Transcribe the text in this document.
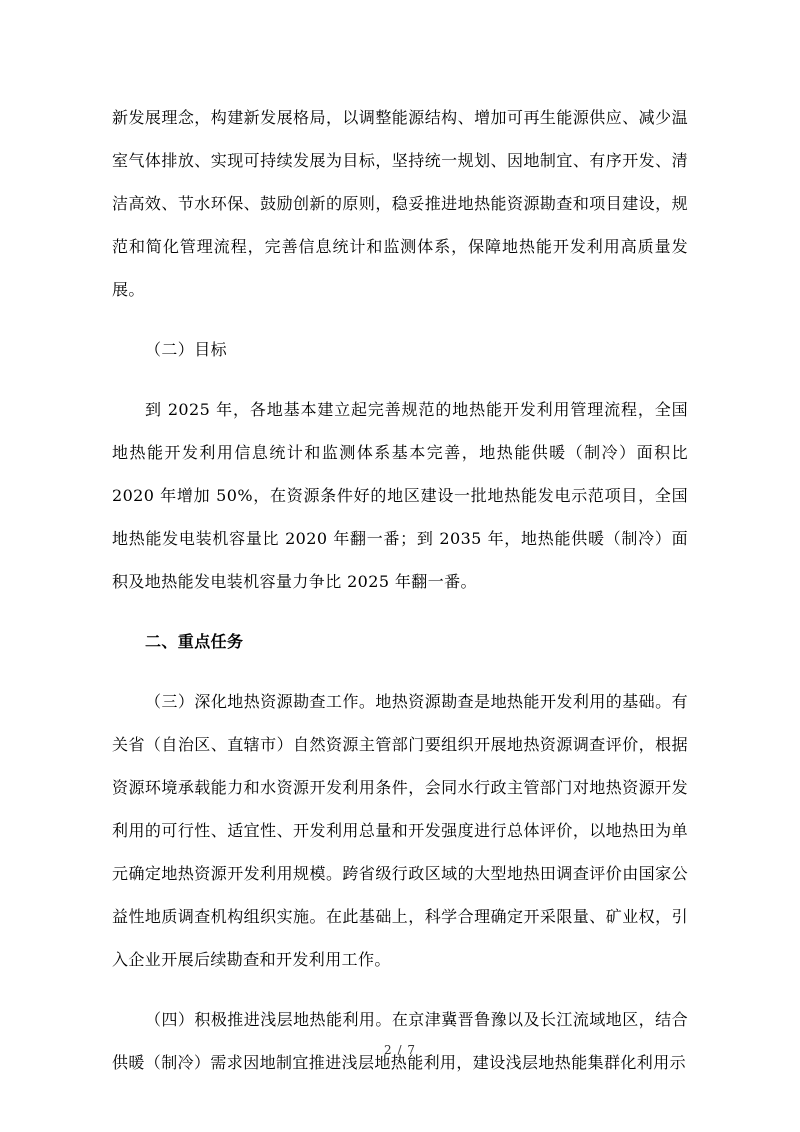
新发展理念，构建新发展格局，以调整能源结构、增加可再生能源供应、减少温室气体排放、实现可持续发展为目标，坚持统一规划、因地制宜、有序开发、清洁高效、节水环保、鼓励创新的原则，稳妥推进地热能资源勘查和项目建设，规范和简化管理流程，完善信息统计和监测体系，保障地热能开发利用高质量发展。

（二）目标

到 2025 年，各地基本建立起完善规范的地热能开发利用管理流程，全国地热能开发利用信息统计和监测体系基本完善，地热能供暖（制冷）面积比 2020 年增加 50%，在资源条件好的地区建设一批地热能发电示范项目，全国地热能发电装机容量比 2020 年翻一番；到 2035 年，地热能供暖（制冷）面积及地热能发电装机容量力争比 2025 年翻一番。

二、重点任务

（三）深化地热资源勘查工作。地热资源勘查是地热能开发利用的基础。有关省（自治区、直辖市）自然资源主管部门要组织开展地热资源调查评价，根据资源环境承载能力和水资源开发利用条件，会同水行政主管部门对地热资源开发利用的可行性、适宜性、开发利用总量和开发强度进行总体评价，以地热田为单元确定地热资源开发利用规模。跨省级行政区域的大型地热田调查评价由国家公益性地质调查机构组织实施。在此基础上，科学合理确定开采限量、矿业权，引入企业开展后续勘查和开发利用工作。

（四）积极推进浅层地热能利用。在京津冀晋鲁豫以及长江流域地区，结合供暖（制冷）需求因地制宜推进浅层地热能利用，建设浅层地热能集群化利用示

2 / 7
